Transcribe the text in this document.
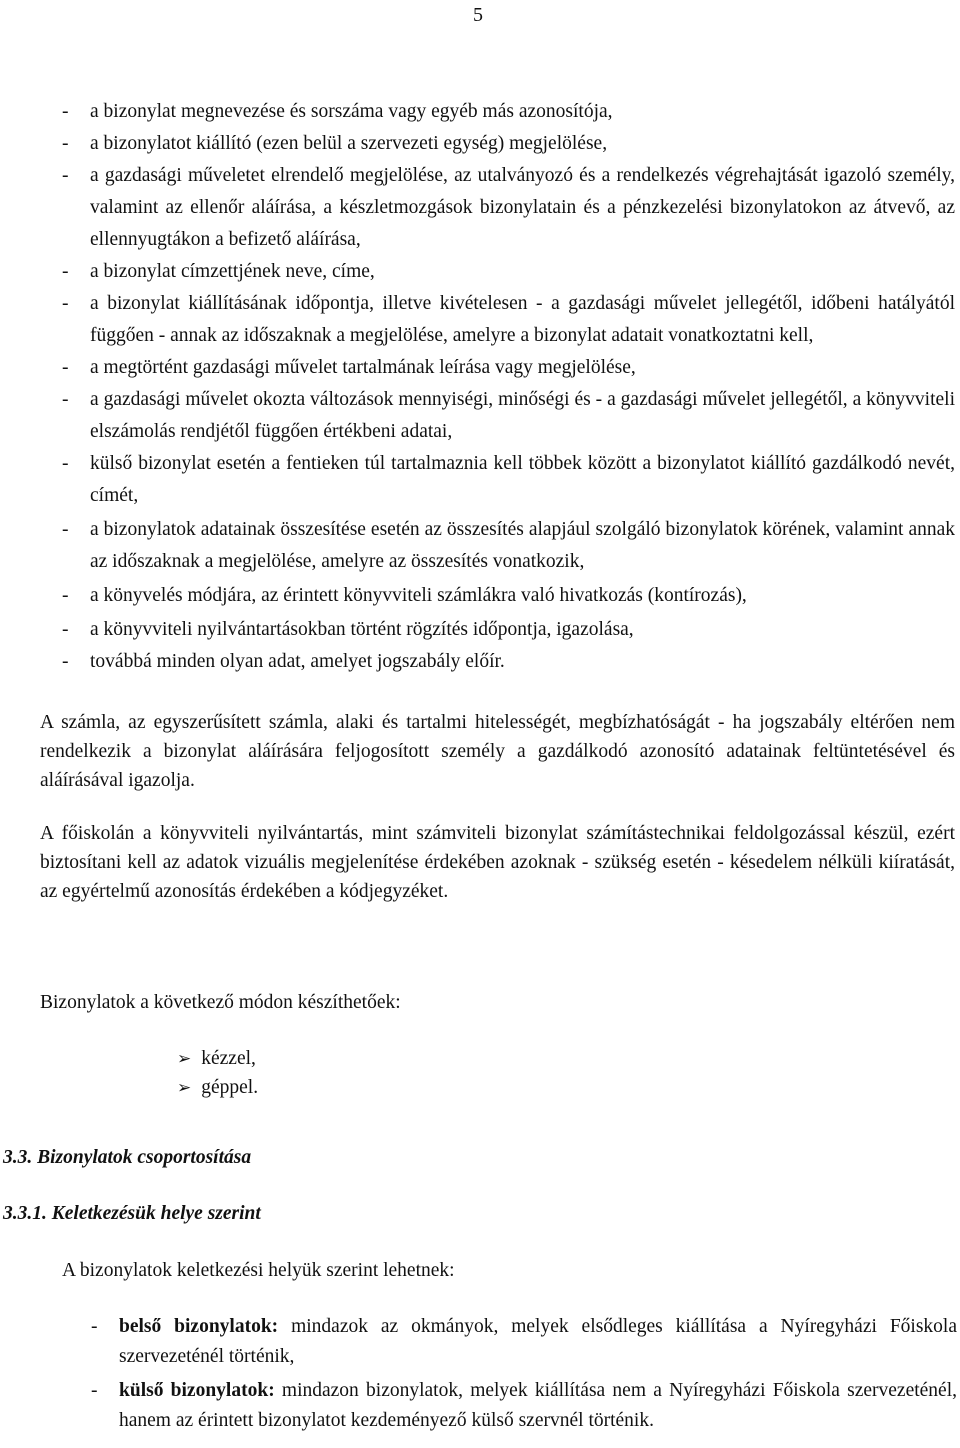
5
- a bizonylat megnevezése és sorszáma vagy egyéb más azonosítója,
- a bizonylatot kiállító (ezen belül a szervezeti egység) megjelölése,
- a gazdasági műveletet elrendelő megjelölése, az utalványozó és a rendelkezés végrehajtását igazoló személy, valamint az ellenőr aláírása, a készletmozgások bizonylatain és a pénzkezelési bizonylatokon az átvevő, az ellennyugtákon a befizető aláírása,
- a bizonylat címzettjének neve, címe,
- a bizonylat kiállításának időpontja, illetve kivételesen - a gazdasági művelet jellegétől, időbeni hatályától függően - annak az időszaknak a megjelölése, amelyre a bizonylat adatait vonatkoztatni kell,
- a megtörtént gazdasági művelet tartalmának leírása vagy megjelölése,
- a gazdasági művelet okozta változások mennyiségi, minőségi és - a gazdasági művelet jellegétől, a könyvviteli elszámolás rendjétől függően értékbeni adatai,
- külső bizonylat esetén a fentieken túl tartalmaznia kell többek között a bizonylatot kiállító gazdálkodó nevét, címét,
- a bizonylatok adatainak összesítése esetén az összesítés alapjául szolgáló bizonylatok körének, valamint annak az időszaknak a megjelölése, amelyre az összesítés vonatkozik,
- a könyvelés módjára, az érintett könyvviteli számlákra való hivatkozás (kontírozás),
- a könyvviteli nyilvántartásokban történt rögzítés időpontja, igazolása,
- továbbá minden olyan adat, amelyet jogszabály előír.

A számla, az egyszerűsített számla, alaki és tartalmi hitelességét, megbízhatóságát - ha jogszabály eltérően nem rendelkezik a bizonylat aláírására feljogosított személy a gazdálkodó azonosító adatainak feltüntetésével és aláírásával igazolja.

A főiskolán a könyvviteli nyilvántartás, mint számviteli bizonylat számítástechnikai feldolgozással készül, ezért biztosítani kell az adatok vizuális megjelenítése érdekében azoknak - szükség esetén - késedelem nélküli kiíratását, az egyértelmű azonosítás érdekében a kódjegyzéket.

Bizonylatok a következő módon készíthetőek:

➢ kézzel,
➢ géppel.
3.3. Bizonylatok csoportosítása
3.3.1. Keletkezésük helye szerint

A bizonylatok keletkezési helyük szerint lehetnek:

- belső bizonylatok: mindazok az okmányok, melyek elsődleges kiállítása a Nyíregyházi Főiskola szervezeténél történik,
- külső bizonylatok: mindazon bizonylatok, melyek kiállítása nem a Nyíregyházi Főiskola szervezeténél, hanem az érintett bizonylatot kezdeményező külső szervnél történik.
